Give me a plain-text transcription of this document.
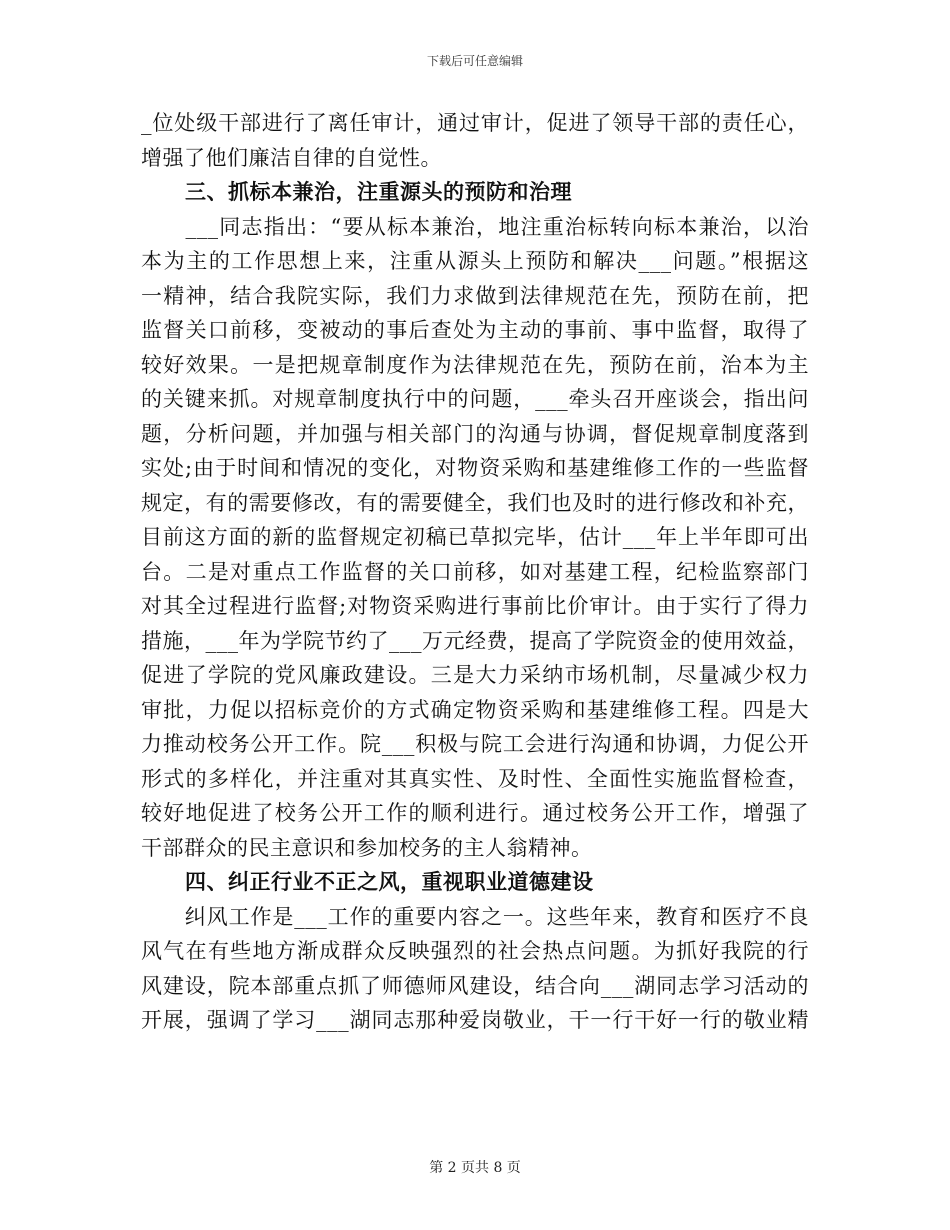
下载后可任意编辑
_位处级干部进行了离任审计，通过审计，促进了领导干部的责任心，
增强了他们廉洁自律的自觉性。
三、抓标本兼治，注重源头的预防和治理
　　___同志指出：“要从标本兼治，地注重治标转向标本兼治，以治
本为主的工作思想上来，注重从源头上预防和解决___问题。”根据这
一精神，结合我院实际，我们力求做到法律规范在先，预防在前，把
监督关口前移，变被动的事后查处为主动的事前、事中监督，取得了
较好效果。一是把规章制度作为法律规范在先，预防在前，治本为主
的关键来抓。对规章制度执行中的问题，___牵头召开座谈会，指出问
题，分析问题，并加强与相关部门的沟通与协调，督促规章制度落到
实处;由于时间和情况的变化，对物资采购和基建维修工作的一些监督
规定，有的需要修改，有的需要健全，我们也及时的进行修改和补充，
目前这方面的新的监督规定初稿已草拟完毕，估计___年上半年即可出
台。二是对重点工作监督的关口前移，如对基建工程，纪检监察部门
对其全过程进行监督;对物资采购进行事前比价审计。由于实行了得力
措施，___年为学院节约了___万元经费，提高了学院资金的使用效益，
促进了学院的党风廉政建设。三是大力采纳市场机制，尽量减少权力
审批，力促以招标竞价的方式确定物资采购和基建维修工程。四是大
力推动校务公开工作。院___积极与院工会进行沟通和协调，力促公开
形式的多样化，并注重对其真实性、及时性、全面性实施监督检查，
较好地促进了校务公开工作的顺利进行。通过校务公开工作，增强了
干部群众的民主意识和参加校务的主人翁精神。
四、纠正行业不正之风，重视职业道德建设
　　纠风工作是___工作的重要内容之一。这些年来，教育和医疗不良
风气在有些地方渐成群众反映强烈的社会热点问题。为抓好我院的行
风建设，院本部重点抓了师德师风建设，结合向___湖同志学习活动的
开展，强调了学习___湖同志那种爱岗敬业，干一行干好一行的敬业精
第 2 页共 8 页
